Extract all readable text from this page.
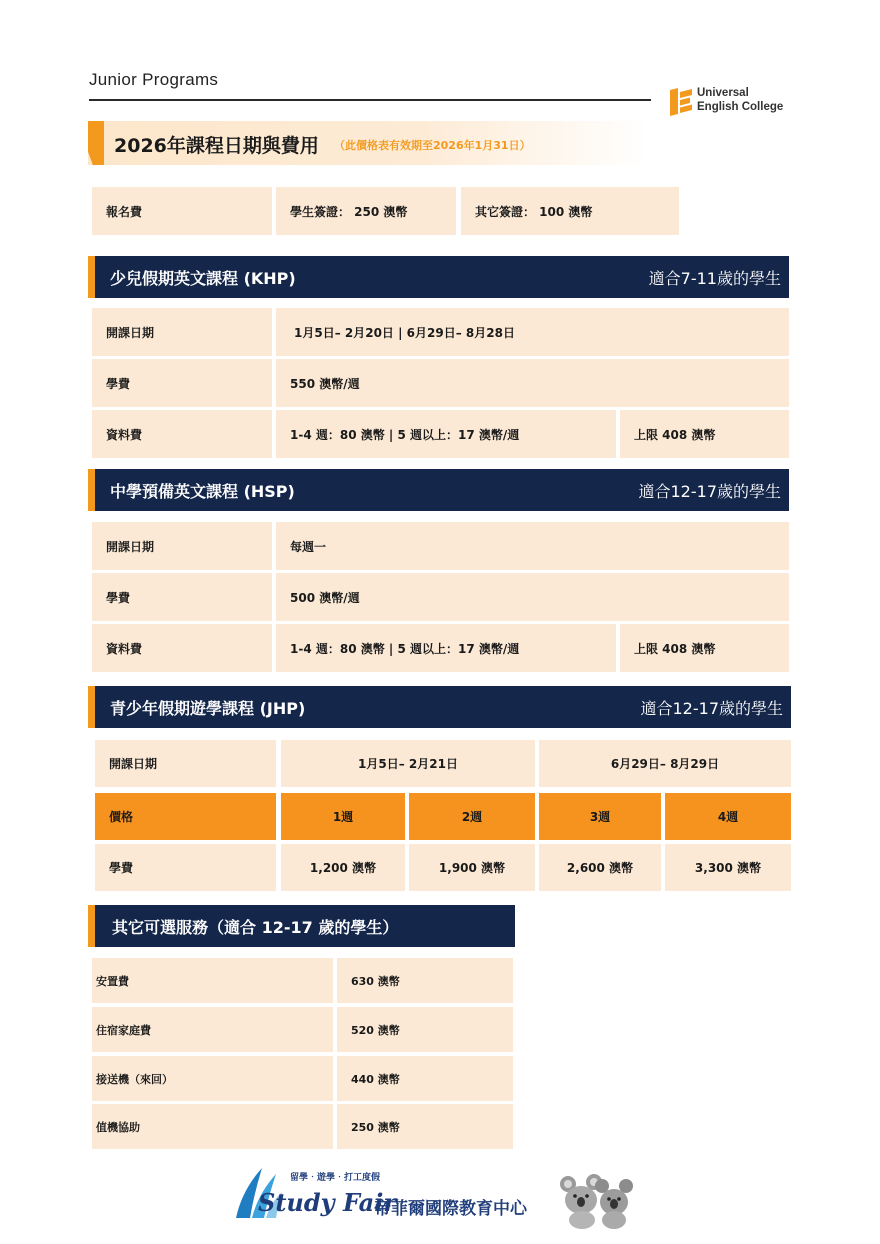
Junior Programs
Universal
English College
2026年課程日期與費用 （此價格表有效期至2026年1月31日）
報名費	學生簽證： 250 澳幣	其它簽證： 100 澳幣
少兒假期英文課程 (KHP)	適合7-11歲的學生
開課日期	1月5日– 2月20日 | 6月29日– 8月28日
學費	550 澳幣/週
資料費	1-4 週：80 澳幣 | 5 週以上：17 澳幣/週	上限 408 澳幣
中學預備英文課程 (HSP)	適合12-17歲的學生
開課日期	每週一
學費	500 澳幣/週
資料費	1-4 週：80 澳幣 | 5 週以上：17 澳幣/週	上限 408 澳幣
青少年假期遊學課程 (JHP)	適合12-17歲的學生
開課日期	1月5日– 2月21日	6月29日– 8月29日
價格	1週	2週	3週	4週
學費	1,200 澳幣	1,900 澳幣	2,600 澳幣	3,300 澳幣
其它可選服務（適合 12-17 歲的學生）
安置費	630 澳幣
住宿家庭費	520 澳幣
接送機（來回）	440 澳幣
值機協助	250 澳幣
留學‧遊學‧打工度假
Study Fair
帝菲爾國際教育中心
